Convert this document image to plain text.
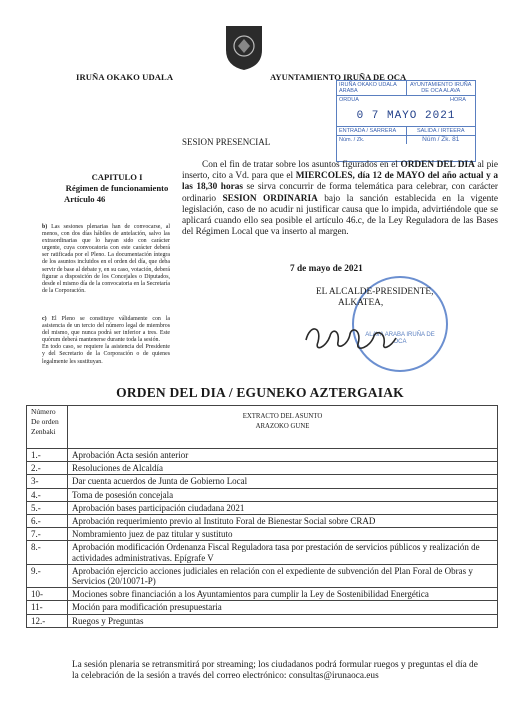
IRUÑA OKAKO UDALA	AYUNTAMIENTO IRUÑA DE OCA
IRUÑA OKAKO UDALA ARABA
AYUNTAMIENTO IRUÑA DE OCA ALAVA
ORDUA	HORA
0 7 MAYO 2021
ENTRADA / SARRERA	SALIDA / IRTEERA
Núm. / Zk.	Núm / Zk. 81
SESION PRESENCIAL
CAPITULO I
Régimen de funcionamiento
Artículo 46
Con el fin de tratar sobre los asuntos figurados en el ORDEN DEL DIA al pie inserto, cito a Vd. para que el MIERCOLES, día 12 de MAYO del año actual y a las 18,30 horas se sirva concurrir de forma telemática para celebrar, con carácter ordinario SESION ORDINARIA bajo la sanción establecida en la vigente legislación, caso de no acudir ni justificar causa que lo impida, advirtiéndole que se aplicará cuando ello sea posible el artículo 46.c, de la Ley Reguladora de las Bases del Régimen Local que va inserto al margen.
7 de mayo de 2021
ALAVA ARABA IRUÑA DE OCA
EL ALCALDE-PRESIDENTE,
ALKATEA,
b) Las sesiones plenarias han de convocarse, al menos, con dos días hábiles de antelación, salvo las extraordinarias que lo hayan sido con carácter urgente, cuya convocatoria con este carácter deberá ser ratificada por el Pleno. La documentación íntegra de los asuntos incluidos en el orden del día, que deba servir de base al debate y, en su caso, votación, deberá figurar a disposición de los Concejales o Diputados, desde el mismo día de la convocatoria en la Secretaría de la Corporación.
c) El Pleno se constituye válidamente con la asistencia de un tercio del número legal de miembros del mismo, que nunca podrá ser inferior a tres. Este quórum deberá mantenerse durante toda la sesión.
En todo caso, se requiere la asistencia del Presidente y del Secretario de la Corporación o de quienes legalmente les sustituyan.
ORDEN DEL DIA / EGUNEKO AZTERGAIAK
Número De orden Zenbaki	EXTRACTO DEL ASUNTO
ARAZOKO GUNE

1.-	Aprobación Acta sesión anterior
2.-	Resoluciones de Alcaldía
3-	Dar cuenta acuerdos de Junta de Gobierno Local
4.-	Toma de posesión concejala
5.-	Aprobación bases participación ciudadana 2021
6.-	Aprobación requerimiento previo al Instituto Foral de Bienestar Social sobre CRAD
7.-	Nombramiento juez de paz titular y sustituto
8.-	Aprobación modificación Ordenanza Fiscal Reguladora tasa por prestación de servicios públicos y realización de actividades administrativas. Epígrafe V
9.-	Aprobación ejercicio acciones judiciales en relación con el expediente de subvención del Plan Foral de Obras y Servicios (20/10071-P)
10-	Mociones sobre financiación a los Ayuntamientos para cumplir la Ley de Sostenibilidad Energética
11-	Moción para modificación presupuestaria
12.-	Ruegos y Preguntas
La sesión plenaria se retransmitirá por streaming; los ciudadanos podrá formular ruegos y preguntas el día de la celebración de la sesión a través del correo electrónico: consultas@irunaoca.eus
